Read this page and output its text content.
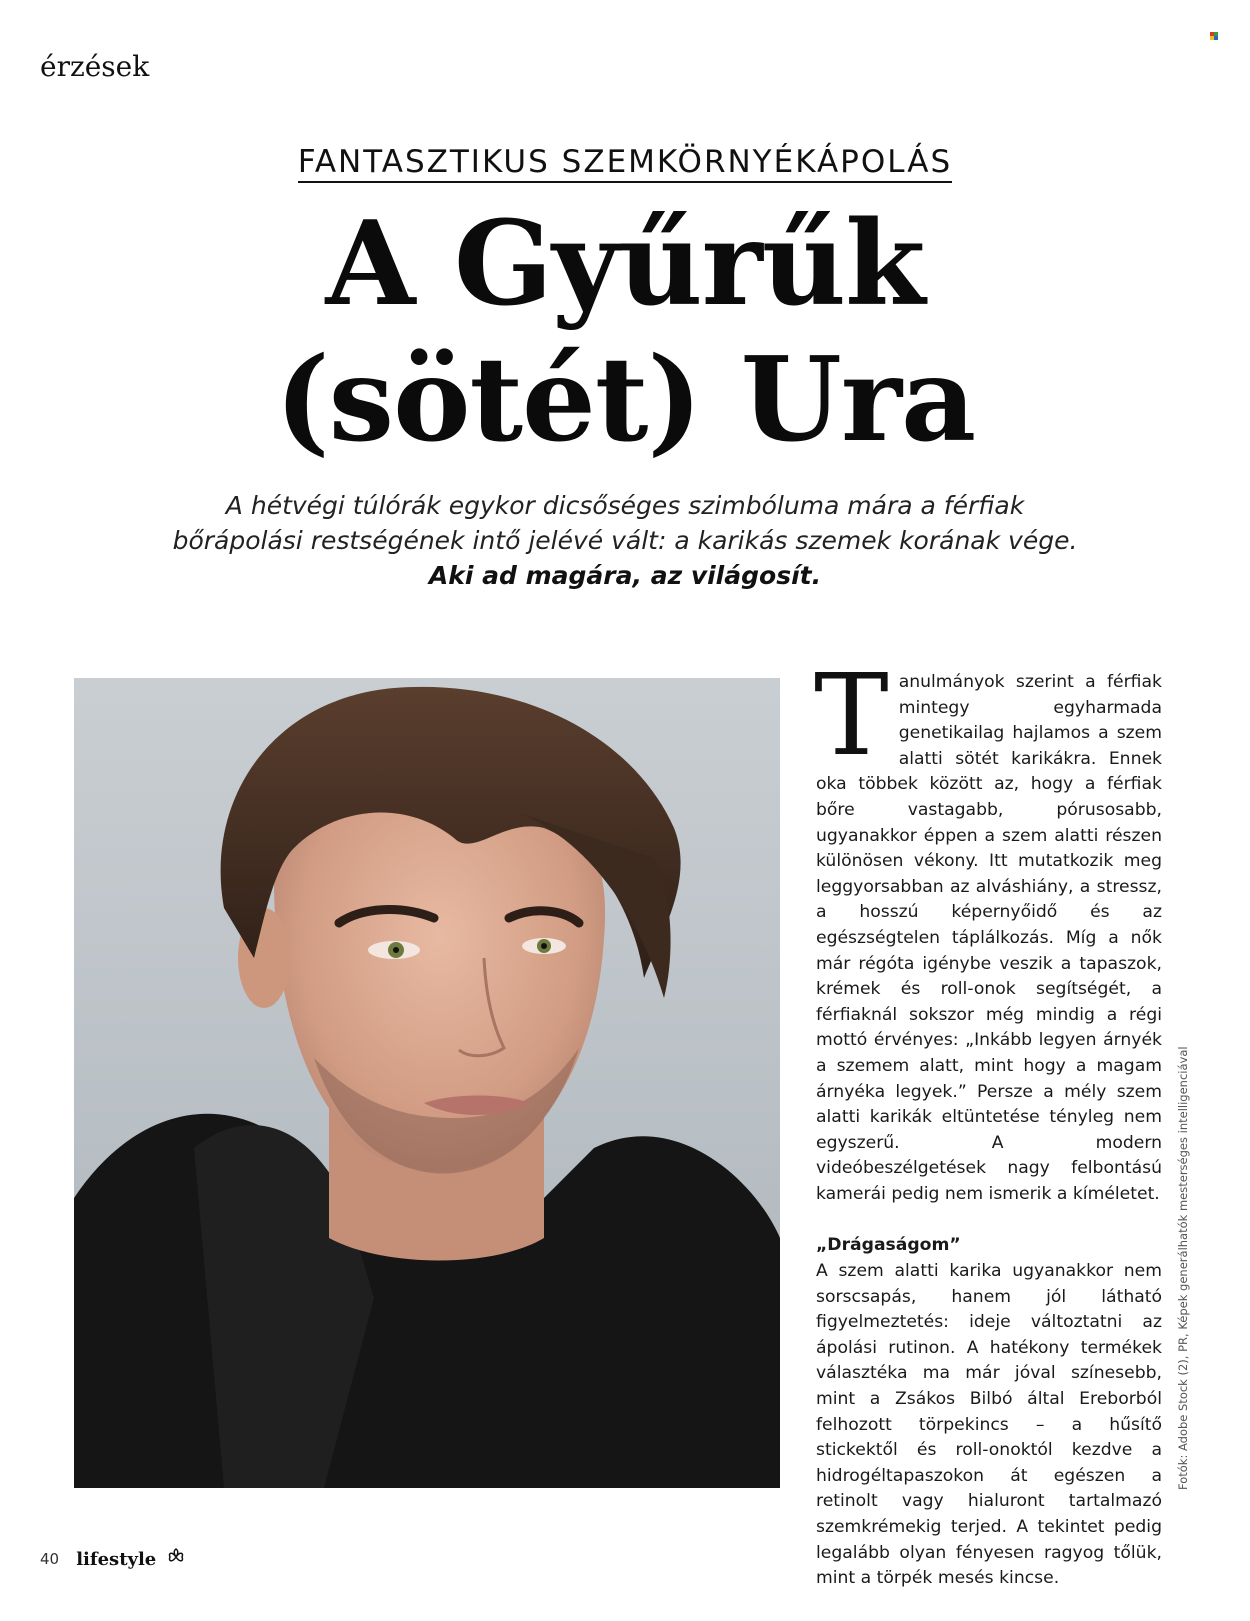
érzések
FANTASZTIKUS SZEMKÖRNYÉKÁPOLÁS
A Gyűrűk
(sötét) Ura

A hétvégi túlórák egykor dicsőséges szimbóluma mára a férfiak bőrápolási restségének intő jelévé vált: a karikás szemek korának vége. Aki ad magára, az világosít.

Tanulmányok szerint a férfiak mintegy egyharmada genetikailag hajlamos a szem alatti sötét karikákra. Ennek oka többek között az, hogy a férfiak bőre vastagabb, pórusosabb, ugyanakkor éppen a szem alatti részen különösen vékony. Itt mutatkozik meg leggyorsabban az alváshiány, a stressz, a hosszú képernyőidő és az egészségtelen táplálkozás. Míg a nők már régóta igénybe veszik a tapaszok, krémek és roll-onok segítségét, a férfiaknál sokszor még mindig a régi mottó érvényes: „Inkább legyen árnyék a szemem alatt, mint hogy a magam árnyéka legyek.” Persze a mély szem alatti karikák eltüntetése tényleg nem egyszerű. A modern videóbeszélgetések nagy felbontású kamerái pedig nem ismerik a kíméletet.

„Drágaságom”

A szem alatti karika ugyanakkor nem sorscsapás, hanem jól látható figyelmeztetés: ideje változtatni az ápolási rutinon. A hatékony termékek választéka ma már jóval színesebb, mint a Zsákos Bilbó által Ereborból felhozott törpekincs – a hűsítő stickektől és roll-onoktól kezdve a hidrogéltapaszokon át egészen a retinolt vagy hialuront tartalmazó szemkrémekig terjed. A tekintet pedig legalább olyan fényesen ragyog tőlük, mint a törpék mesés kincse.

Fotók: Adobe Stock (2), PR, Képek generálhatók mesterséges intelligenciával
40 lifestyle
